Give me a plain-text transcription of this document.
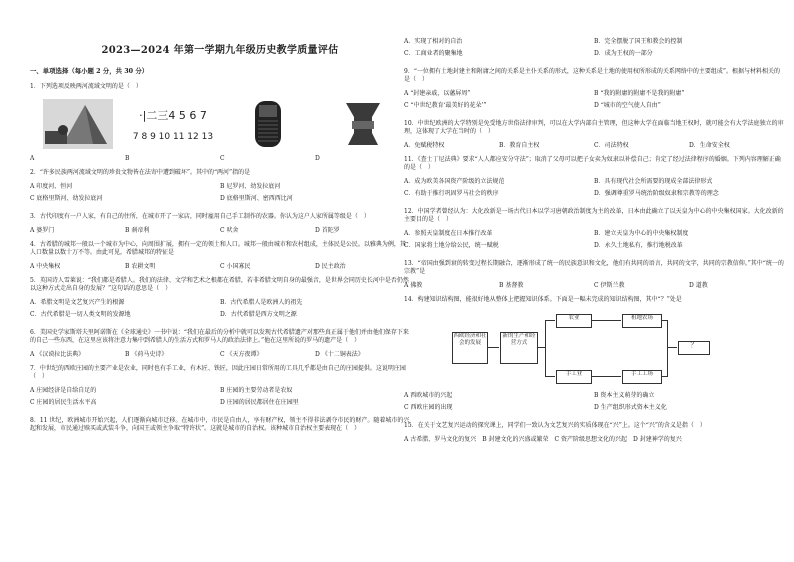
2023—2024 年第一学期九年级历史教学质量评估
一、单项选择（每小题 2 分，共 30 分）
1．下列选项反映两河流域文明的是（　）
·|二三4 5 6 7
7 8 9 10 11 12 13
A	B	C	D
2．“许多民族两河流域文明的珍贵文物皆在法寄中遭到破坏”。其中的“两河”指的是
A 印度河、恒河	B 尼罗河、幼发拉底河
C 底格里斯河、幼发拉底河	D 底格里斯河、密西西比河
3．古代印度有一户人家，有自己的住所，在城市开了一家店，同时雇用自己手工制作的农器。你认为这户人家所属等级是（　）
A 婆罗门	B 刹帝利	C 吠舍	D 首陀罗
4．古希腊的城邦一般以一个城市为中心，向周围扩展，拥有一定的领土和人口。城邦一般由城市和农村组成，主体民是公民。以雅典为例，其人口数量以数十万不等。由此可见，希腊城邦的特征是
A 中央集权	B 农耕文明	C 小国寡民	D 民主政治
5．英国诗人雪莱说：“我们都是希腊人。我们的法律、文学和艺术之根都在希腊，若非希腊文明自身的最强音，是世界会同历史长河中是否仍然以这种方式走出自身的发展？”这句话的意思是（　）
A．希腊文明是文艺复兴产生的根源	B．古代希腊人是欧洲人的祖先
C．古代希腊是一切人类文明的发源地	D．古代希腊是西方文明之源
6．美国史学家斯塔夫里阿诺斯在《全球通史》一书中说：“我们在最后的分析中就可以发现古代希腊遗产对那些真正属于他们并由他们保存下来的自己一些东西，在这里应该将注意力集中到希腊人的生活方式和罗马人的政治法律上。”他在这里所说的罗马的遗产是（　）
A 《汉谟拉比法典》	B 《荷马史诗》	C 《天方夜谭》	D 《十二铜表法》
7．中世纪的西欧庄园的主要产业是农业，同时也有手工业，有木匠、铁匠，因此庄园日常所用的工具几乎都是由自己的庄园提供。这说明庄园（　）
A 庄园经济是自给自足的	B 庄园的主要劳动者是农奴
C 庄园的居民生活水平高	D 庄园的居民都居住在庄园里
8．11 世纪，欧洲城市开始兴起，人们逐渐向城市迁移。在城市中，市民是自由人，享有财产权，领主不得非法剥夺市民的财产。随着城市的兴起和发展，市民通过赎买或武装斗争，向国王或领主争取“特许状”。这就是城市的自治权。该种城市自治权主要表现在（　）
A．实现了相对的自治	B．完全摆脱了国王和教会的控制
C．工商业者的聚集地	D．成为王权的一部分
9．“一位拥有土地封建主和附庸之间的关系是主仆关系的形式，这种关系是土地的使用权所形成的关系网络中的主要组成”。根据与材料相关的是（　）
A “封建亲戚，以藩屏周”	B “我的附庸的附庸不是我的附庸”
C “中世纪教育‘最美好的花朵’”	D “城市的空气使人自由”
10．中世纪欧洲的大学特别是免受地方世俗法律审判，可以在大学内部自主管理，但这种大学在面临当地王权时，就可能会有大学法庭独立的审理，这体现了大学在当时的（　）
A．免赋税特权	B．教育自主权	C．司法特权	D．生命安全权
11．《查士丁尼法典》要求“人人都应安分守法”；取消了父母可以把子女卖为奴隶以补偿自己；肯定了经过法律程序的婚姻。下列内容理解正确的是（　）
A．成为欧美各国资产阶级的立法规范	B．具有现代社会所需要的现成全部法律形式
C．有助于推行巩固罗马社会的秩序	D．强调尊重罗马统治阶级奴隶和宗教等的理念
12．中国学者曾经认为：大化改新是一场古代日本以学习唐朝政治制度为主的改革，日本由此确立了以天皇为中心的中央集权国家。大化改新的主要目的是（　）
A．参照天皇制度在日本推行改革	B．建立天皇为中心的中央集权制度
C．国家将土地分给公民，统一赋税	D．永久土地私有，推行地税改革
13．“帝国由强到衰的转变过程长期融合，逐渐形成了统一的民族意识和文化，他们有共同的语言，共同的文字，共同的宗教信仰。”其中“统一的宗教”是
A 佛教	B 基督教	C 伊斯兰教	D 道教
14．构建知识结构图，能很好地从整体上把握知识体系。下面是一幅未完成的知识结构图，其中“？”处是
西欧经济和社会的发展
新的生产和经营方式
农业
手工业
租地农场
手工工场
？
A 西欧城市的兴起	B 资本主义萌芽的确立
C 西欧庄园的出现	D 生产组织形式资本主义化
15．在关于文艺复兴运动的探究课上，同学们一致认为文艺复兴的实质体现在“兴”上。这个“兴”的含义是指（　）
A 古希腊、罗马文化的复兴　B 封建文化的兴盛或繁荣　C 资产阶级思想文化的兴起　D 封建神学的复兴
